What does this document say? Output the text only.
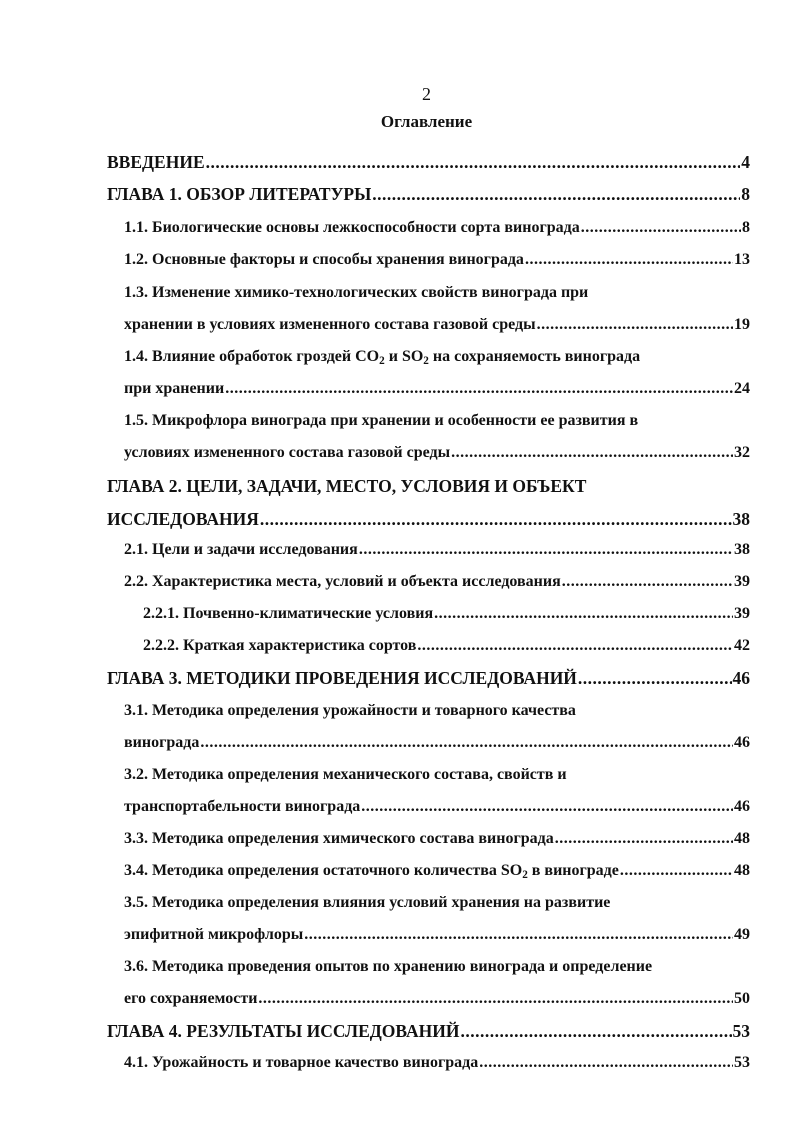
2
Оглавление
ВВЕДЕНИЕ .....	4
ГЛАВА 1. ОБЗОР ЛИТЕРАТУРЫ .....	8
1.1. Биологические основы лежкоспособности сорта винограда .....	8
1.2. Основные факторы и способы хранения винограда .....	13
1.3. Изменение химико-технологических свойств винограда при
хранении в условиях измененного состава газовой среды .....	19
1.4. Влияние обработок гроздей $CO_2$ и $SO_2$ на сохраняемость винограда
при хранении .....	24
1.5. Микрофлора винограда при хранении и особенности ее развития в
условиях измененного состава газовой среды .....	32
ГЛАВА 2. ЦЕЛИ, ЗАДАЧИ, МЕСТО, УСЛОВИЯ И ОБЪЕКТ
ИССЛЕДОВАНИЯ .....	38
2.1. Цели и задачи исследования .....	38
2.2. Характеристика места, условий и объекта исследования .....	39
2.2.1. Почвенно-климатические условия .....	39
2.2.2. Краткая характеристика сортов .....	42
ГЛАВА 3. МЕТОДИКИ ПРОВЕДЕНИЯ ИССЛЕДОВАНИЙ .....	46
3.1. Методика определения урожайности и товарного качества
винограда .....	46
3.2. Методика определения механического состава, свойств и
транспортабельности винограда .....	46
3.3. Методика определения химического состава винограда .....	48
3.4. Методика определения остаточного количества $SO_2$ в винограде .....	48
3.5. Методика определения влияния условий хранения на развитие
эпифитной микрофлоры .....	49
3.6. Методика проведения опытов по хранению винограда и определение
его сохраняемости .....	50
ГЛАВА 4. РЕЗУЛЬТАТЫ ИССЛЕДОВАНИЙ .....	53
4.1. Урожайность и товарное качество винограда .....	53
